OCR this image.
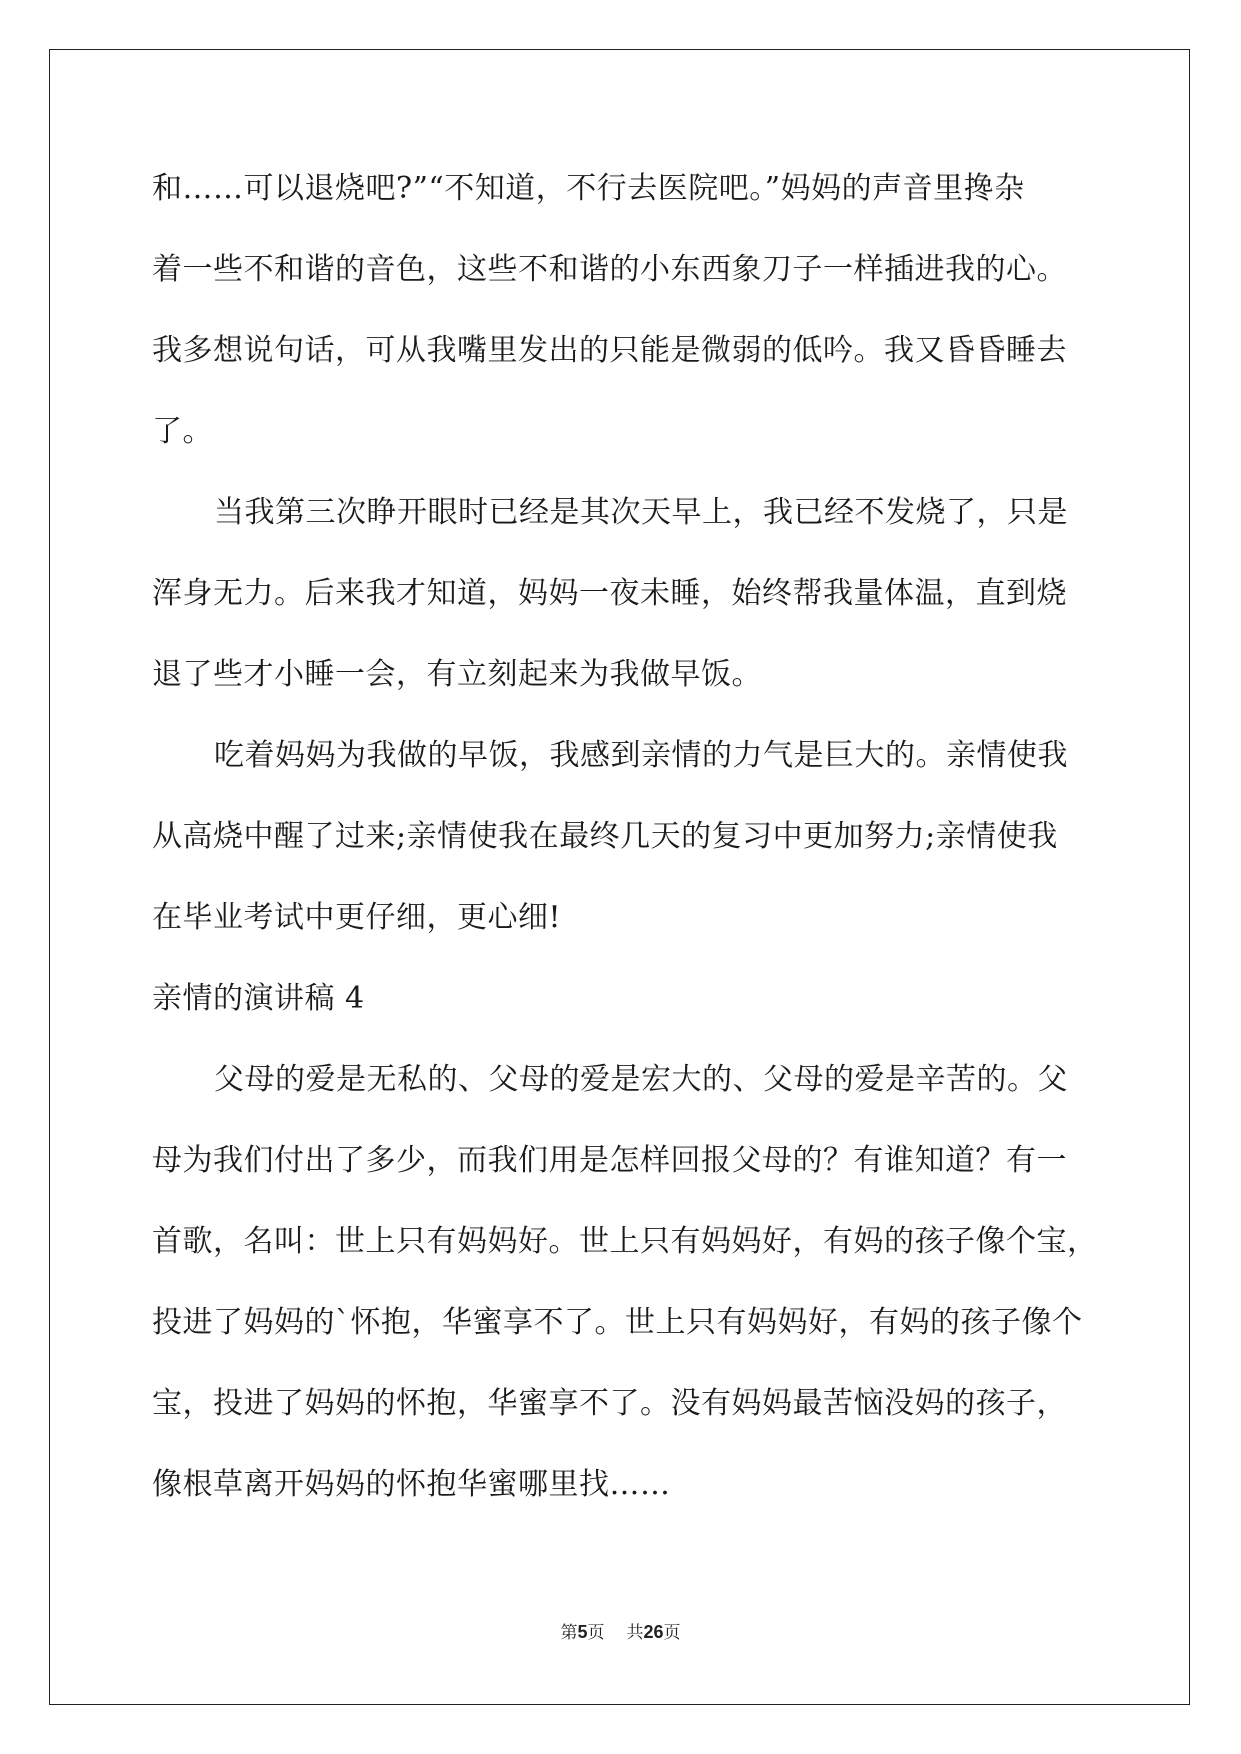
和……可以退烧吧?”“不知道，不行去医院吧。”妈妈的声音里搀杂
着一些不和谐的音色，这些不和谐的小东西象刀子一样插进我的心。
我多想说句话，可从我嘴里发出的只能是微弱的低吟。我又昏昏睡去
了。
当我第三次睁开眼时已经是其次天早上，我已经不发烧了，只是
浑身无力。后来我才知道，妈妈一夜未睡，始终帮我量体温，直到烧
退了些才小睡一会，有立刻起来为我做早饭。
吃着妈妈为我做的早饭，我感到亲情的力气是巨大的。亲情使我
从高烧中醒了过来;亲情使我在最终几天的复习中更加努力;亲情使我
在毕业考试中更仔细，更心细!
亲情的演讲稿 4
父母的爱是无私的、父母的爱是宏大的、父母的爱是辛苦的。父
母为我们付出了多少，而我们用是怎样回报父母的？有谁知道？有一
首歌，名叫：世上只有妈妈好。世上只有妈妈好，有妈的孩子像个宝，
投进了妈妈的`怀抱，华蜜享不了。世上只有妈妈好，有妈的孩子像个
宝，投进了妈妈的怀抱，华蜜享不了。没有妈妈最苦恼没妈的孩子，
像根草离开妈妈的怀抱华蜜哪里找……
第5页 共26页
